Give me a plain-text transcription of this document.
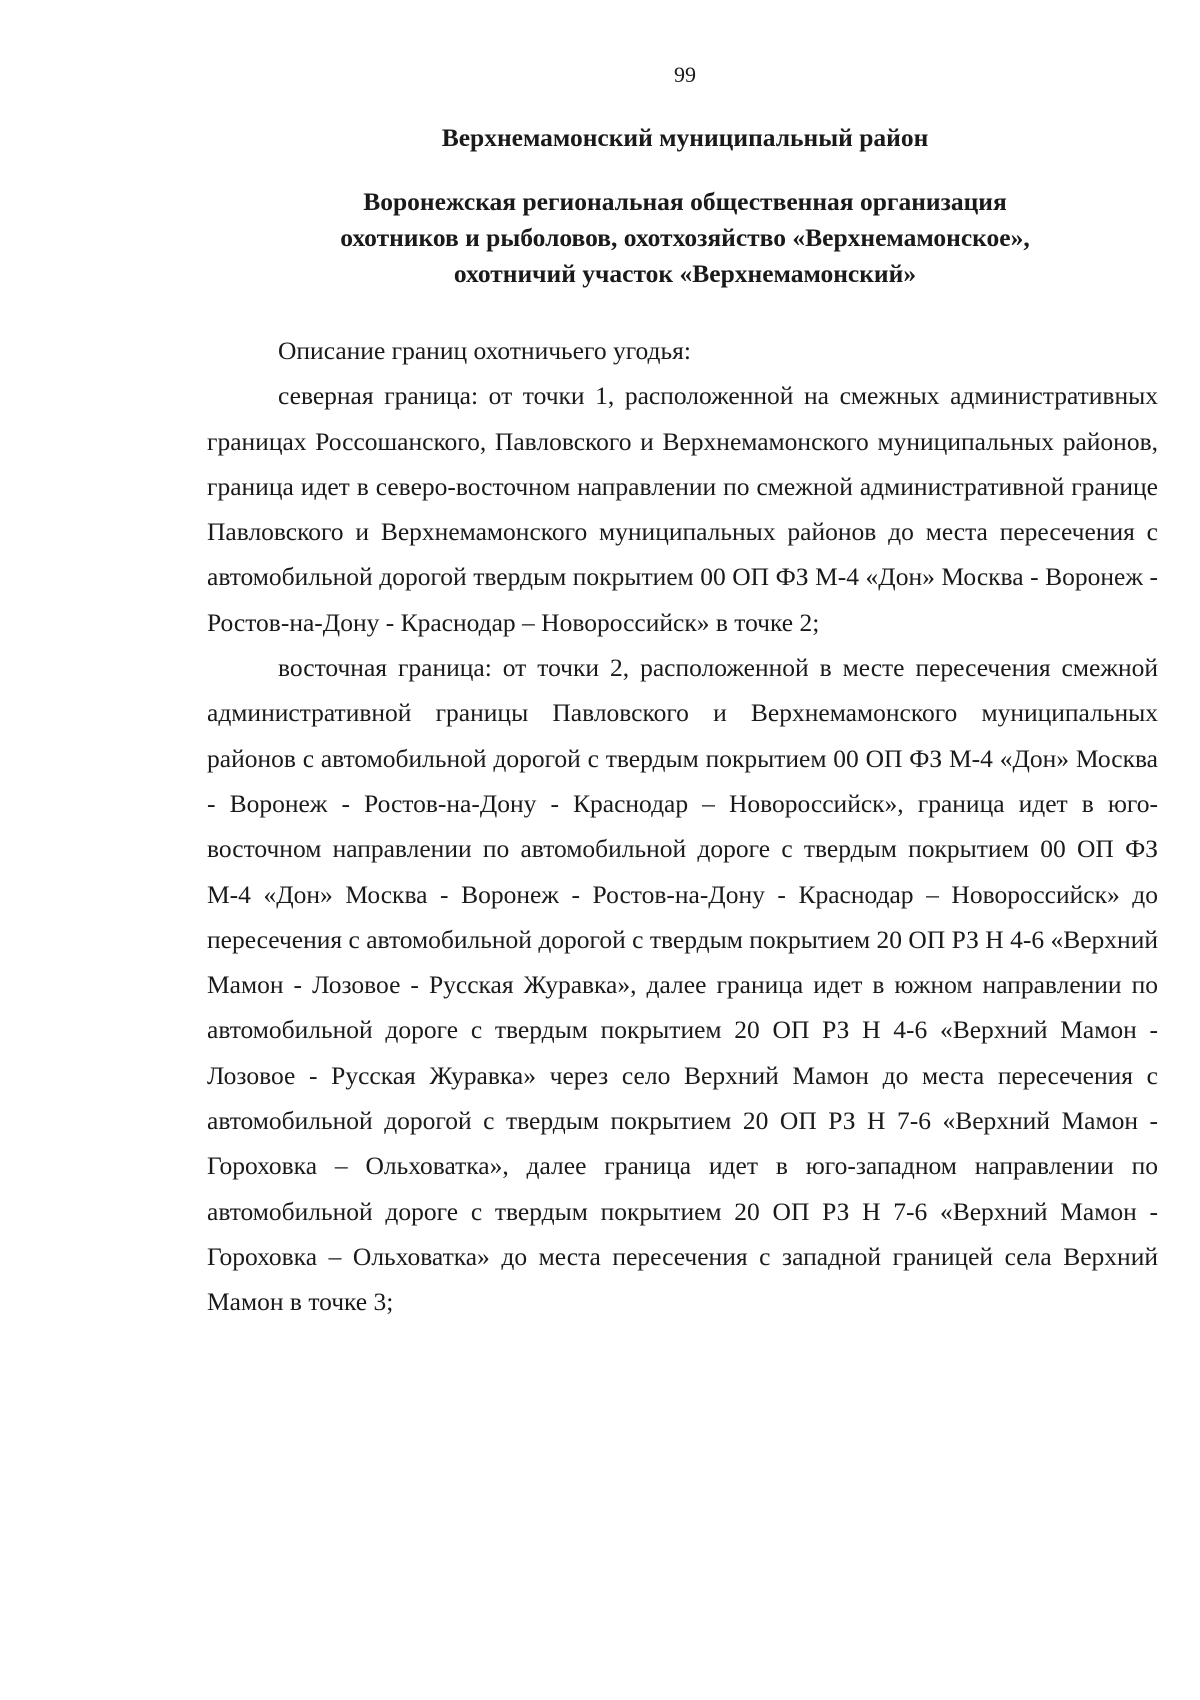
99
Верхнемамонский муниципальный район
Воронежская региональная общественная организация
охотников и рыболовов, охотхозяйство «Верхнемамонское»,
охотничий участок «Верхнемамонский»

Описание границ охотничьего угодья:

северная граница: от точки 1, расположенной на смежных административных границах Россошанского, Павловского и Верхнемамонского муниципальных районов, граница идет в северо-восточном направлении по смежной административной границе Павловского и Верхнемамонского муниципальных районов до места пересечения с автомобильной дорогой твердым покрытием 00 ОП ФЗ М-4 «Дон» Москва - Воронеж - Ростов-на-Дону - Краснодар – Новороссийск» в точке 2;

восточная граница: от точки 2, расположенной в месте пересечения смежной административной границы Павловского и Верхнемамонского муниципальных районов с автомобильной дорогой с твердым покрытием 00 ОП ФЗ М-4 «Дон» Москва - Воронеж - Ростов-на-Дону - Краснодар – Новороссийск», граница идет в юго-восточном направлении по автомобильной дороге с твердым покрытием 00 ОП ФЗ М-4 «Дон» Москва - Воронеж - Ростов-на-Дону - Краснодар – Новороссийск» до пересечения с автомобильной дорогой с твердым покрытием 20 ОП РЗ Н 4-6 «Верхний Мамон - Лозовое - Русская Журавка», далее граница идет в южном направлении по автомобильной дороге с твердым покрытием 20 ОП РЗ Н 4-6 «Верхний Мамон - Лозовое - Русская Журавка» через село Верхний Мамон до места пересечения с автомобильной дорогой с твердым покрытием 20 ОП РЗ Н 7-6 «Верхний Мамон - Гороховка – Ольховатка», далее граница идет в юго-западном направлении по автомобильной дороге с твердым покрытием 20 ОП РЗ Н 7-6 «Верхний Мамон - Гороховка – Ольховатка» до места пересечения с западной границей села Верхний Мамон в точке 3;
